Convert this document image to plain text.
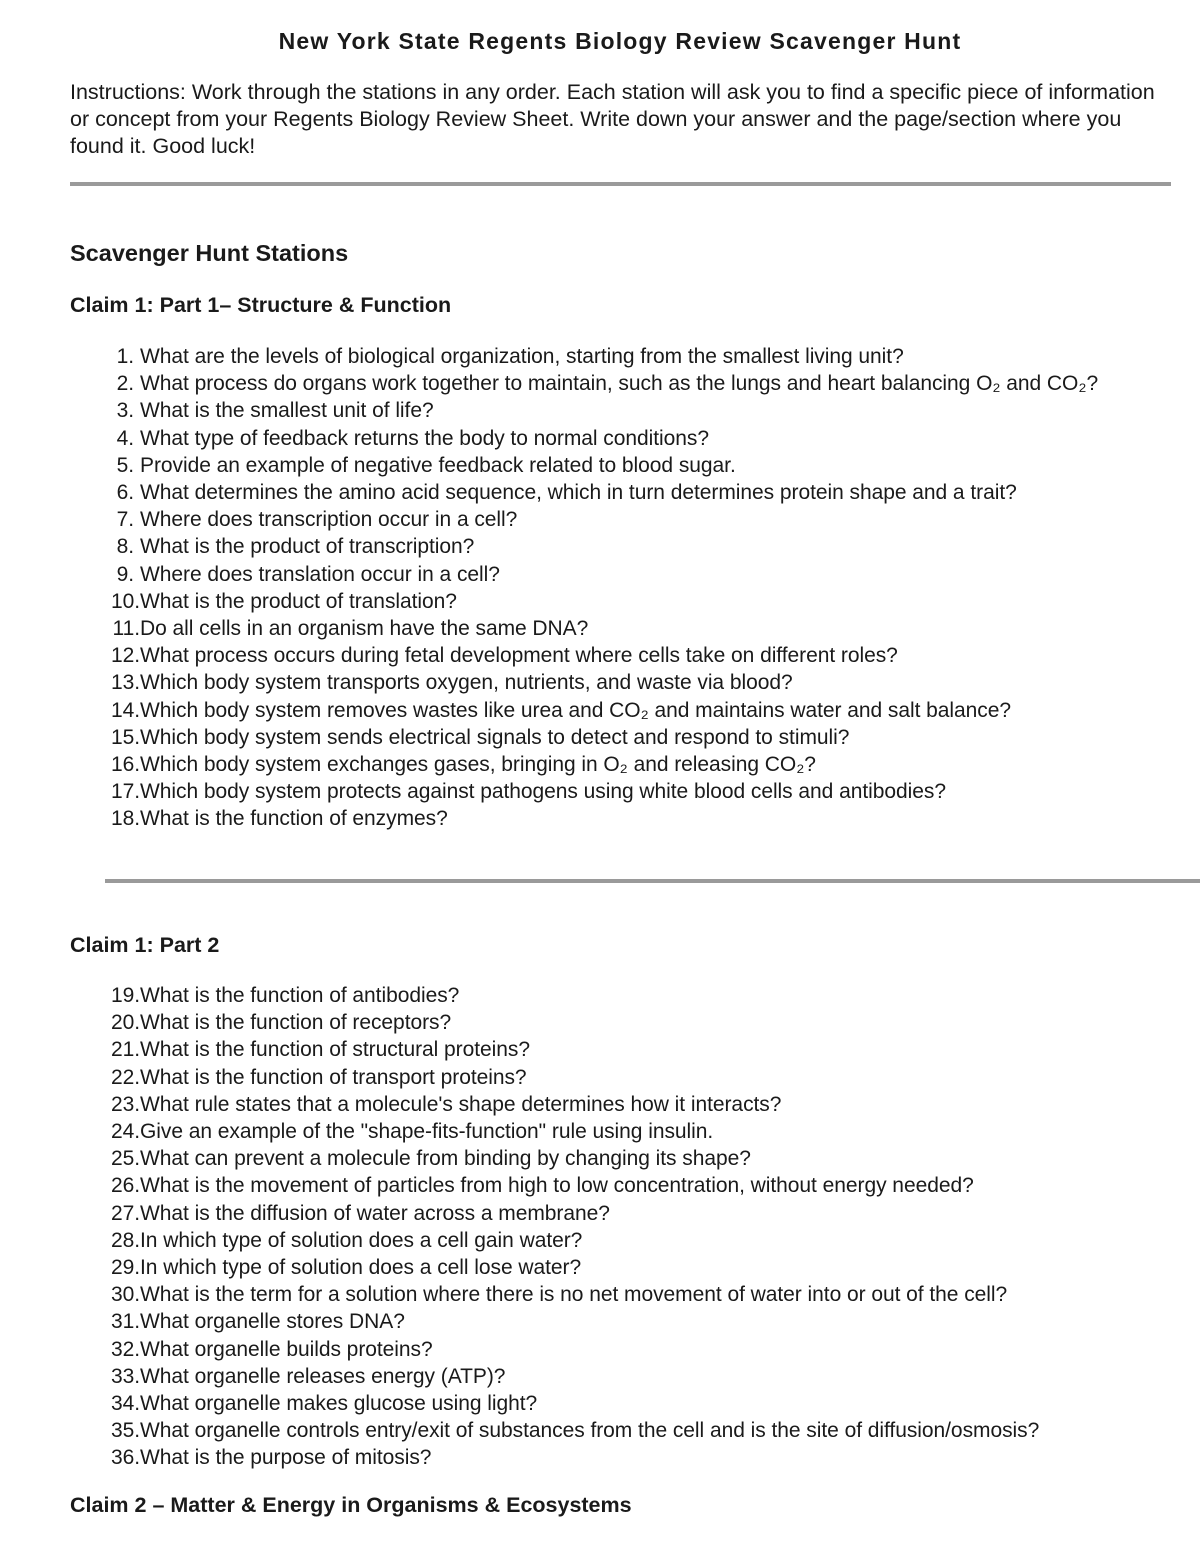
New York State Regents Biology Review Scavenger Hunt

Instructions: Work through the stations in any order. Each station will ask you to find a specific piece of information or concept from your Regents Biology Review Sheet. Write down your answer and the page/section where you found it. Good luck!

Scavenger Hunt Stations
Claim 1: Part 1– Structure & Function
1. What are the levels of biological organization, starting from the smallest living unit?
2. What process do organs work together to maintain, such as the lungs and heart balancing O₂ and CO₂?
3. What is the smallest unit of life?
4. What type of feedback returns the body to normal conditions?
5. Provide an example of negative feedback related to blood sugar.
6. What determines the amino acid sequence, which in turn determines protein shape and a trait?
7. Where does transcription occur in a cell?
8. What is the product of transcription?
9. Where does translation occur in a cell?
10. What is the product of translation?
11. Do all cells in an organism have the same DNA?
12. What process occurs during fetal development where cells take on different roles?
13. Which body system transports oxygen, nutrients, and waste via blood?
14. Which body system removes wastes like urea and CO₂ and maintains water and salt balance?
15. Which body system sends electrical signals to detect and respond to stimuli?
16. Which body system exchanges gases, bringing in O₂ and releasing CO₂?
17. Which body system protects against pathogens using white blood cells and antibodies?
18. What is the function of enzymes?
Claim 1: Part 2
19. What is the function of antibodies?
20. What is the function of receptors?
21. What is the function of structural proteins?
22. What is the function of transport proteins?
23. What rule states that a molecule's shape determines how it interacts?
24. Give an example of the "shape-fits-function" rule using insulin.
25. What can prevent a molecule from binding by changing its shape?
26. What is the movement of particles from high to low concentration, without energy needed?
27. What is the diffusion of water across a membrane?
28. In which type of solution does a cell gain water?
29. In which type of solution does a cell lose water?
30. What is the term for a solution where there is no net movement of water into or out of the cell?
31. What organelle stores DNA?
32. What organelle builds proteins?
33. What organelle releases energy (ATP)?
34. What organelle makes glucose using light?
35. What organelle controls entry/exit of substances from the cell and is the site of diffusion/osmosis?
36. What is the purpose of mitosis?
Claim 2 – Matter & Energy in Organisms & Ecosystems
